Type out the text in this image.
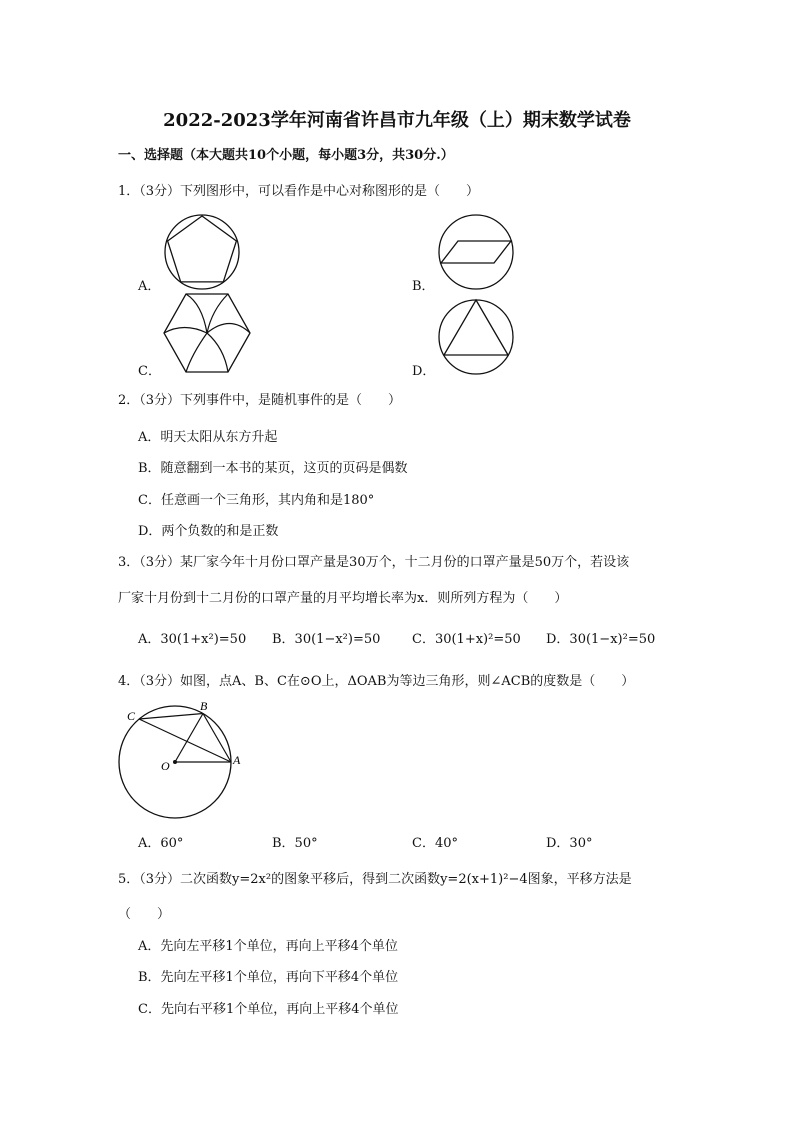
2022-2023学年河南省许昌市九年级（上）期末数学试卷
一、选择题（本大题共10个小题，每小题3分，共30分.）
1．（3分）下列图形中，可以看作是中心对称图形的是（　　）
A．	B．
C．	D．
2．（3分）下列事件中，是随机事件的是（　　）
A．明天太阳从东方升起
B．随意翻到一本书的某页，这页的页码是偶数
C．任意画一个三角形，其内角和是180°
D．两个负数的和是正数
3．（3分）某厂家今年十月份口罩产量是30万个，十二月份的口罩产量是50万个，若设该
厂家十月份到十二月份的口罩产量的月平均增长率为x．则所列方程为（　　）
A．30(1+x²)=50 B．30(1−x²)=50 C．30(1+x)²=50 D．30(1−x)²=50
4．（3分）如图，点A、B、C在⊙O上，ΔOAB为等边三角形，则∠ACB的度数是（　　）
C
B
O	A
A．60°	B．50°	C．40°	D．30°
5．（3分）二次函数y=2x²的图象平移后，得到二次函数y=2(x+1)²−4图象，平移方法是
（　　）
A．先向左平移1个单位，再向上平移4个单位
B．先向左平移1个单位，再向下平移4个单位
C．先向右平移1个单位，再向上平移4个单位
